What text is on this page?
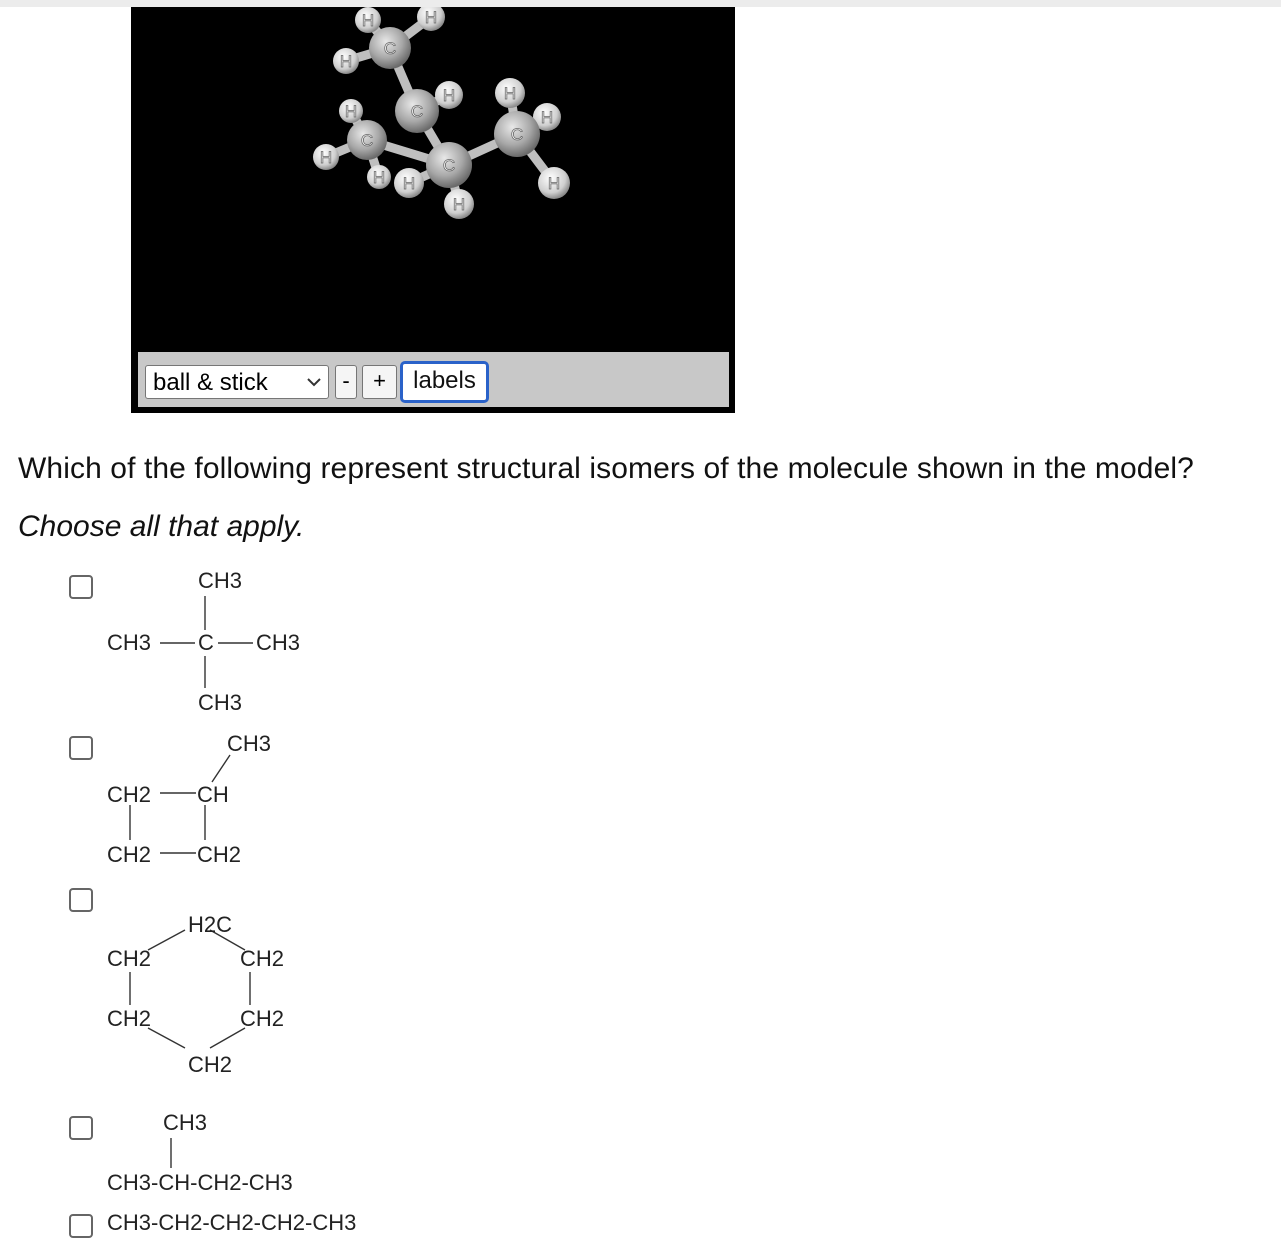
H
H
H
H
H
H
H
H
H
H
H
H
C
C
C
C
C
ball & stick	-	+	labels
Which of the following represent structural isomers of the molecule shown in the model?
Choose all that apply.
CH3
CH3 C CH3
CH3
CH3
CH2 CH
CH2 CH2
H2C
CH2	CH2
CH2	CH2
CH2
CH3
CH3-CH-CH2-CH3
CH3-CH2-CH2-CH2-CH3
